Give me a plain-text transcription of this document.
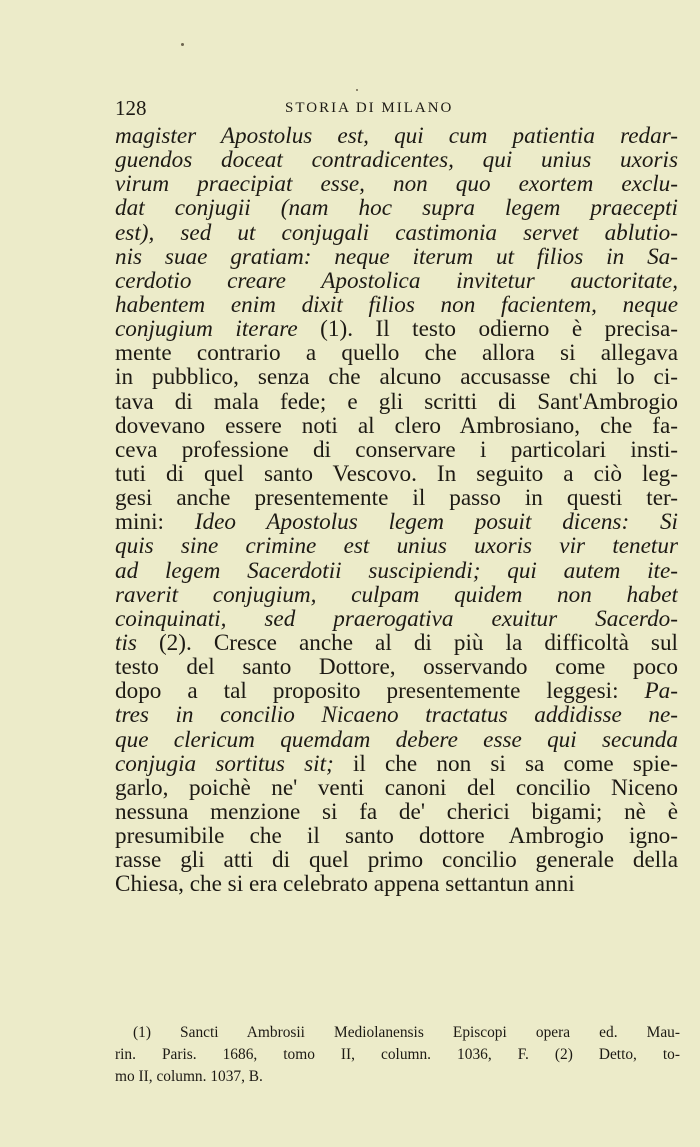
128	STORIA DI MILANO
magister Apostolus est, qui cum patientia redar-
guendos doceat contradicentes, qui unius uxoris
virum praecipiat esse, non quo exortem exclu-
dat conjugii (nam hoc supra legem praecepti
est), sed ut conjugali castimonia servet ablutio-
nis suae gratiam: neque iterum ut filios in Sa-
cerdotio creare Apostolica invitetur auctoritate,
habentem enim dixit filios non facientem, neque
conjugium iterare (1). Il testo odierno è precisa-
mente contrario a quello che allora si allegava
in pubblico, senza che alcuno accusasse chi lo ci-
tava di mala fede; e gli scritti di Sant'Ambrogio
dovevano essere noti al clero Ambrosiano, che fa-
ceva professione di conservare i particolari insti-
tuti di quel santo Vescovo. In seguito a ciò leg-
gesi anche presentemente il passo in questi ter-
mini: Ideo Apostolus legem posuit dicens: Si
quis sine crimine est unius uxoris vir tenetur
ad legem Sacerdotii suscipiendi; qui autem ite-
raverit conjugium, culpam quidem non habet
coinquinati, sed praerogativa exuitur Sacerdo-
tis (2). Cresce anche al di più la difficoltà sul
testo del santo Dottore, osservando come poco
dopo a tal proposito presentemente leggesi: Pa-
tres in concilio Nicaeno tractatus addidisse ne-
que clericum quemdam debere esse qui secunda
conjugia sortitus sit; il che non si sa come spie-
garlo, poichè ne' venti canoni del concilio Niceno
nessuna menzione si fa de' cherici bigami; nè è
presumibile che il santo dottore Ambrogio igno-
rasse gli atti di quel primo concilio generale della
Chiesa, che si era celebrato appena settantun anni
(1) Sancti Ambrosii Mediolanensis Episcopi opera ed. Mau-
rin. Paris. 1686, tomo II, column. 1036, F. (2) Detto, to-
mo II, column. 1037, B.
